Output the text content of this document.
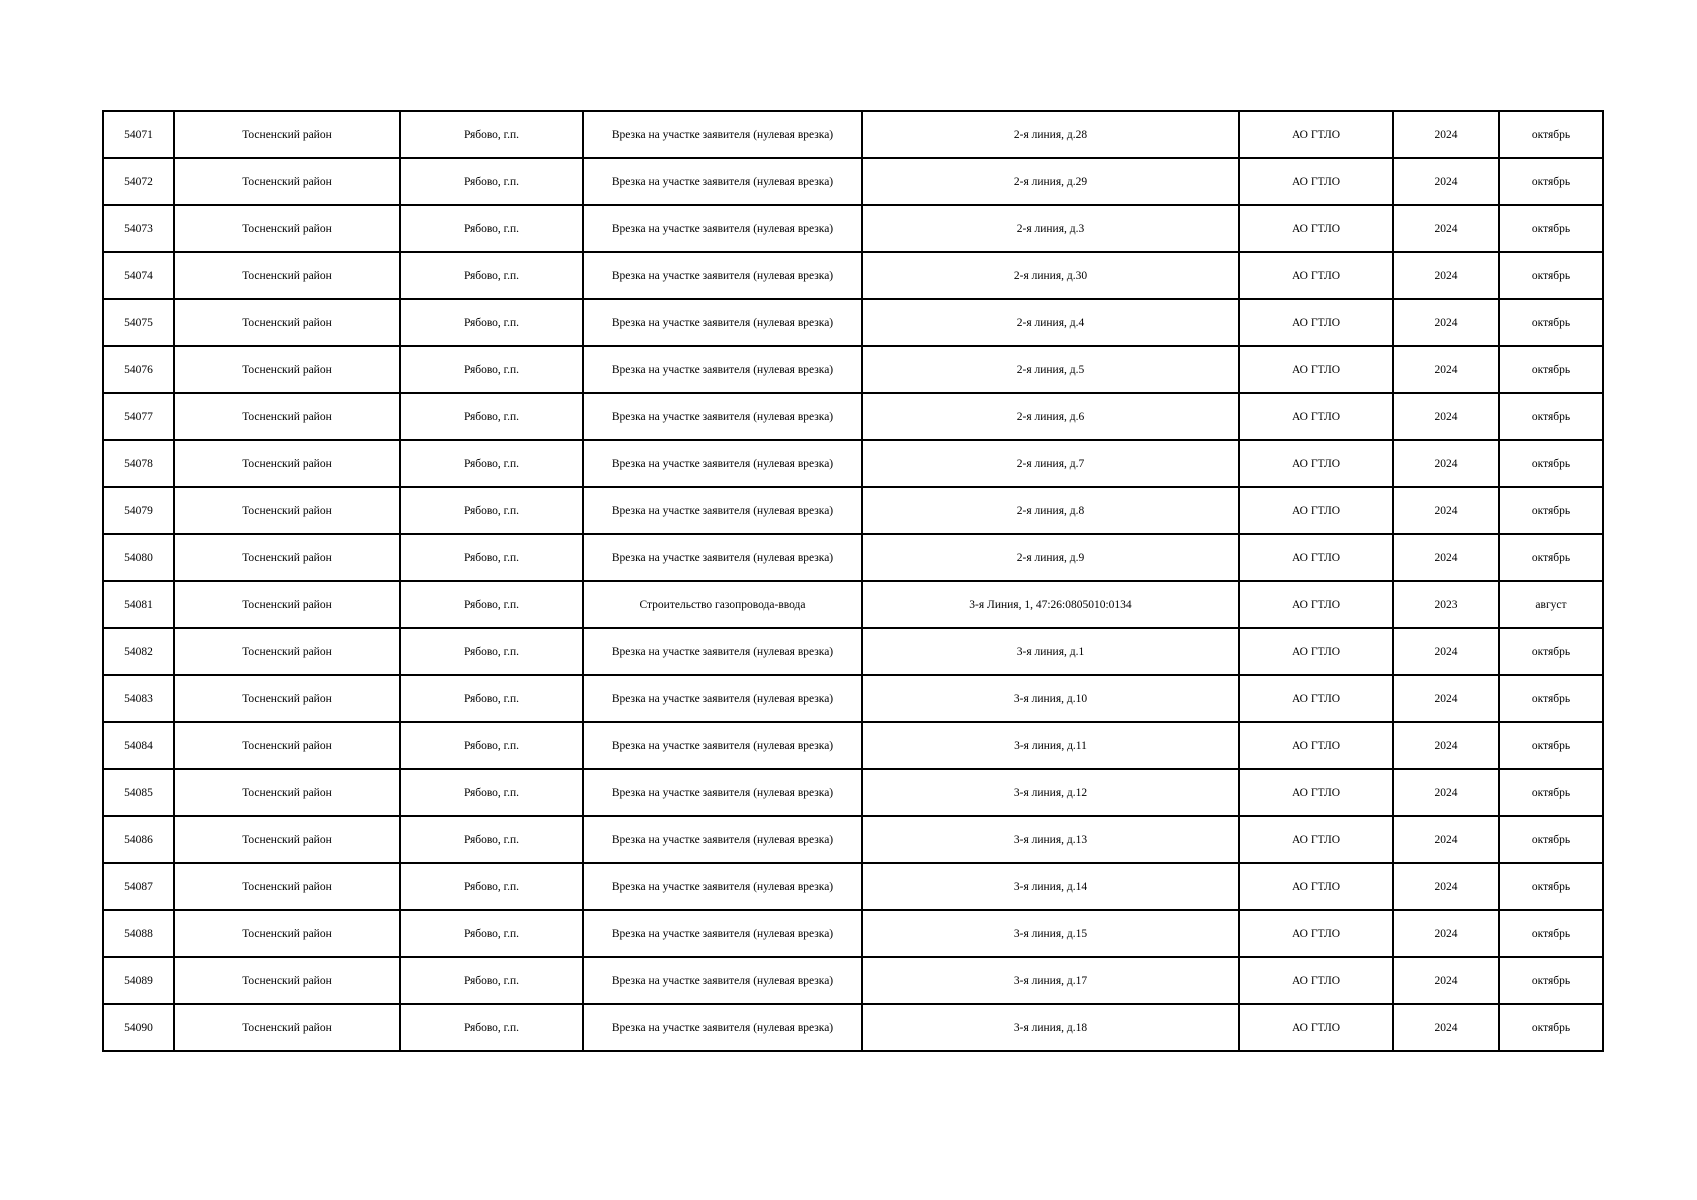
54071	Тосненский район	Рябово, г.п.	Врезка на участке заявителя (нулевая врезка)	2-я линия, д.28	АО ГТЛО	2024	октябрь
54072	Тосненский район	Рябово, г.п.	Врезка на участке заявителя (нулевая врезка)	2-я линия, д.29	АО ГТЛО	2024	октябрь
54073	Тосненский район	Рябово, г.п.	Врезка на участке заявителя (нулевая врезка)	2-я линия, д.3	АО ГТЛО	2024	октябрь
54074	Тосненский район	Рябово, г.п.	Врезка на участке заявителя (нулевая врезка)	2-я линия, д.30	АО ГТЛО	2024	октябрь
54075	Тосненский район	Рябово, г.п.	Врезка на участке заявителя (нулевая врезка)	2-я линия, д.4	АО ГТЛО	2024	октябрь
54076	Тосненский район	Рябово, г.п.	Врезка на участке заявителя (нулевая врезка)	2-я линия, д.5	АО ГТЛО	2024	октябрь
54077	Тосненский район	Рябово, г.п.	Врезка на участке заявителя (нулевая врезка)	2-я линия, д.6	АО ГТЛО	2024	октябрь
54078	Тосненский район	Рябово, г.п.	Врезка на участке заявителя (нулевая врезка)	2-я линия, д.7	АО ГТЛО	2024	октябрь
54079	Тосненский район	Рябово, г.п.	Врезка на участке заявителя (нулевая врезка)	2-я линия, д.8	АО ГТЛО	2024	октябрь
54080	Тосненский район	Рябово, г.п.	Врезка на участке заявителя (нулевая врезка)	2-я линия, д.9	АО ГТЛО	2024	октябрь
54081	Тосненский район	Рябово, г.п.	Строительство газопровода-ввода	3-я Линия, 1, 47:26:0805010:0134	АО ГТЛО	2023	август
54082	Тосненский район	Рябово, г.п.	Врезка на участке заявителя (нулевая врезка)	3-я линия, д.1	АО ГТЛО	2024	октябрь
54083	Тосненский район	Рябово, г.п.	Врезка на участке заявителя (нулевая врезка)	3-я линия, д.10	АО ГТЛО	2024	октябрь
54084	Тосненский район	Рябово, г.п.	Врезка на участке заявителя (нулевая врезка)	3-я линия, д.11	АО ГТЛО	2024	октябрь
54085	Тосненский район	Рябово, г.п.	Врезка на участке заявителя (нулевая врезка)	3-я линия, д.12	АО ГТЛО	2024	октябрь
54086	Тосненский район	Рябово, г.п.	Врезка на участке заявителя (нулевая врезка)	3-я линия, д.13	АО ГТЛО	2024	октябрь
54087	Тосненский район	Рябово, г.п.	Врезка на участке заявителя (нулевая врезка)	3-я линия, д.14	АО ГТЛО	2024	октябрь
54088	Тосненский район	Рябово, г.п.	Врезка на участке заявителя (нулевая врезка)	3-я линия, д.15	АО ГТЛО	2024	октябрь
54089	Тосненский район	Рябово, г.п.	Врезка на участке заявителя (нулевая врезка)	3-я линия, д.17	АО ГТЛО	2024	октябрь
54090	Тосненский район	Рябово, г.п.	Врезка на участке заявителя (нулевая врезка)	3-я линия, д.18	АО ГТЛО	2024	октябрь
